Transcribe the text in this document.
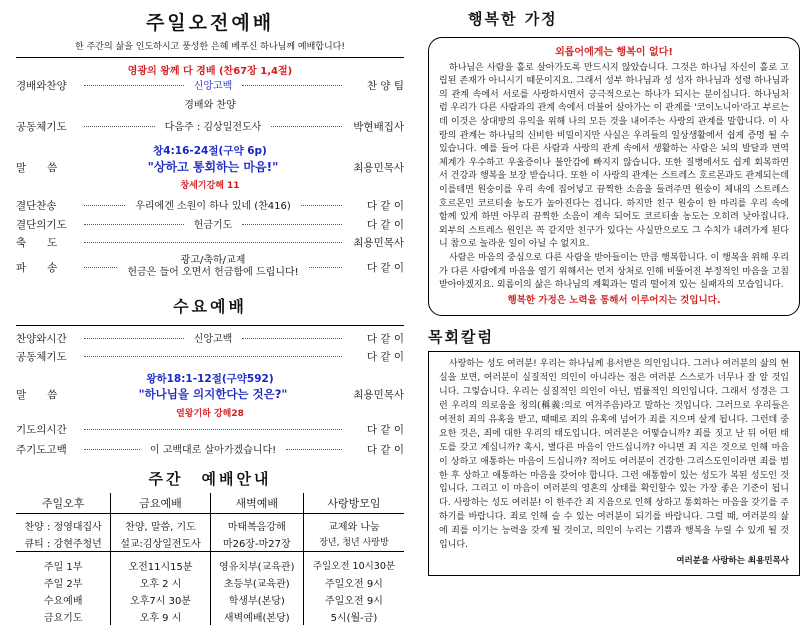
주일오전예배
한 주간의 삶을 인도하시고 풍성한 은혜 베푸신 하나님께 예배합니다!
영광의 왕께 다 경배 (찬67장 1,4절)
경배와찬양	신앙고백	찬 양 팀
경배와 찬양
공동체기도	다음주 : 김상일전도사	박현배집사
창4:16-24절(구약 6p)
말　　씀	"상하고 통회하는 마음!"	최용민목사
창세기강해 11
결단찬송	우리에겐 소원이 하나 있네 (찬416)	다 같 이
결단의기도	헌금기도	다 같 이
축　　도	최용민목사
파　　송
광고/축하/교제
헌금은 들어 오면서 헌금함에 드립니다!	다 같 이
수요예배
찬양와시간	신앙고백	다 같 이
공동체기도	다 같 이
왕하18:1-12절(구약592)
말　　씀	"하나님을 의지한다는 것은?"	최용민목사
열왕기하 강해28
기도의시간	다 같 이
주기도고백	이 고백대로 살아가겠습니다!	다 같 이
주간　예배안내
주일오후	금요예배	새벽예배	사랑방모임
찬양 : 정영대집사	찬양, 말씀, 기도	마태복음강해	교제와 나눔
큐티 : 강현주청년	설교:김상일전도사	마26장-마27장	장년, 청년 사랑방
주일 1부	오전11시15분	영유치부(교육관)	주일오전 10시30분
주일 2부	오후 2 시	초등부(교육관)	주일오전 9시
수요예배	오후7시 30분	학생부(본당)	주일오전 9시
금요기도	오후 9 시	새벽예배(본당)	5시(월-금)
행복한 가정
외롭어에게는 행복이 없다!

하나님은 사람을 홀로 살아가도록 만드시지 않았습니다. 그것은 하나님 자신이 홀로 고립된 존재가 아니시기 때문이지요. 그래서 성부 하나님과 성 성자 하나님과 성령 하나님과의 관계 속에서 서로를 사랑하시면서 긍극적으로는 하나가 되시는 분이십니다. 하나님처럼 우리가 다른 사람과의 관계 속에서 더불어 살아가는 이 관계를 '코이노니아'라고 부르는데 이것은 상대방의 유익을 위해 나의 모든 것을 내어주는 사랑의 관계를 말합니다. 이 사랑의 관계는 하나님의 신비한 비밀이지만 사실은 우리들의 일상생활에서 쉽게 증명 될 수 있습니다. 예를 들어 다른 사람과 사랑의 관계 속에서 생활하는 사람은 뇌의 발달과 면역체계가 우수하고 우울증이나 불안감에 빠지지 않습니다. 또한 질병에서도 쉽게 회복하면서 건강과 행복을 보장 받습니다. 또한 이 사랑의 관계는 스트레스 호르몬과도 관계되는데 이를테면 원숭이를 우리 속에 집어넣고 끔찍한 소음을 들려주면 원숭이 체내의 스트레스 호르몬인 코르티솔 농도가 높아진다는 겁니다. 하지만 친구 원숭이 한 마리를 우리 속에 함께 있게 하면 아무리 끔찍한 소음이 계속 되어도 코르티솔 농도는 오히려 낮아집니다. 외부의 스트레스 원인은 꼭 같지만 친구가 있다는 사실만으로도 그 수치가 내려가게 된다니 참으로 놀라운 일이 아닐 수 없지요.

사람은 마음의 중심으로 다른 사람을 받아들이는 만큼 행복합니다. 이 행복을 위해 우리가 다른 사람에게 마음을 열기 위해서는 먼저 상처로 인해 비뚤어진 부정적인 마음을 고침 받아야겠지요. 외롭이의 삶은 하나님의 계획과는 멀리 떨어져 있는 실패자의 모습입니다.

행복한 가정은 노력을 통해서 이루어지는 것입니다.
목회칼럼
사랑하는 성도 여러분! 우리는 하나님께 용서받은 의인입니다. 그러나 여러분의 삶의 현실을 보면, 여러분이 실질적인 의인이 아니라는 점은 여러분 스스로가 너무나 잘 알 것입니다. 그렇습니다. 우리는 실질적인 의인이 아닌, 법률적인 의인입니다. 그래서 성경은 그런 우리의 의로움을 칭의(稱義:의로 여겨주음)라고 말하는 것입니다. 그러므로 우리들은 여전히 죄의 유혹을 받고, 때때로 죄의 유혹에 넘어가 죄를 지으며 살게 됩니다. 그런데 중요한 것은, 죄에 대한 우리의 태도입니다. 여러분은 어떻습니까? 죄를 짓고 난 뒤 어떤 태도를 갖고 계십니까? 혹시, 별다른 마음이 안드십니까? 아니면 죄 지은 것으로 인해 마음이 상하고 애통하는 마음이 드십니까? 적어도 여러분이 건강한 그리스도인이라면 죄를 범한 후 상하고 애통하는 마음을 갖어야 합니다. 그런 애통함이 있는 성도가 복된 성도인 것입니다. 그리고 이 마음이 여러분의 영혼의 상태를 확인할수 있는 가장 좋은 기준이 됩니다. 사랑하는 성도 여러분! 이 한주간 죄 지음으로 인해 상하고 통회하는 마음을 갖기를 주하기를 바랍니다. 죄로 인해 슬 수 있는 여러분이 되기를 바랍니다. 그럴 때, 여러분의 삶에 죄를 이기는 능력을 갖게 될 것이고, 의인이 누리는 기쁨과 행복을 누릴 수 있게 될 것입니다.
여러분을 사랑하는 최용민목사
